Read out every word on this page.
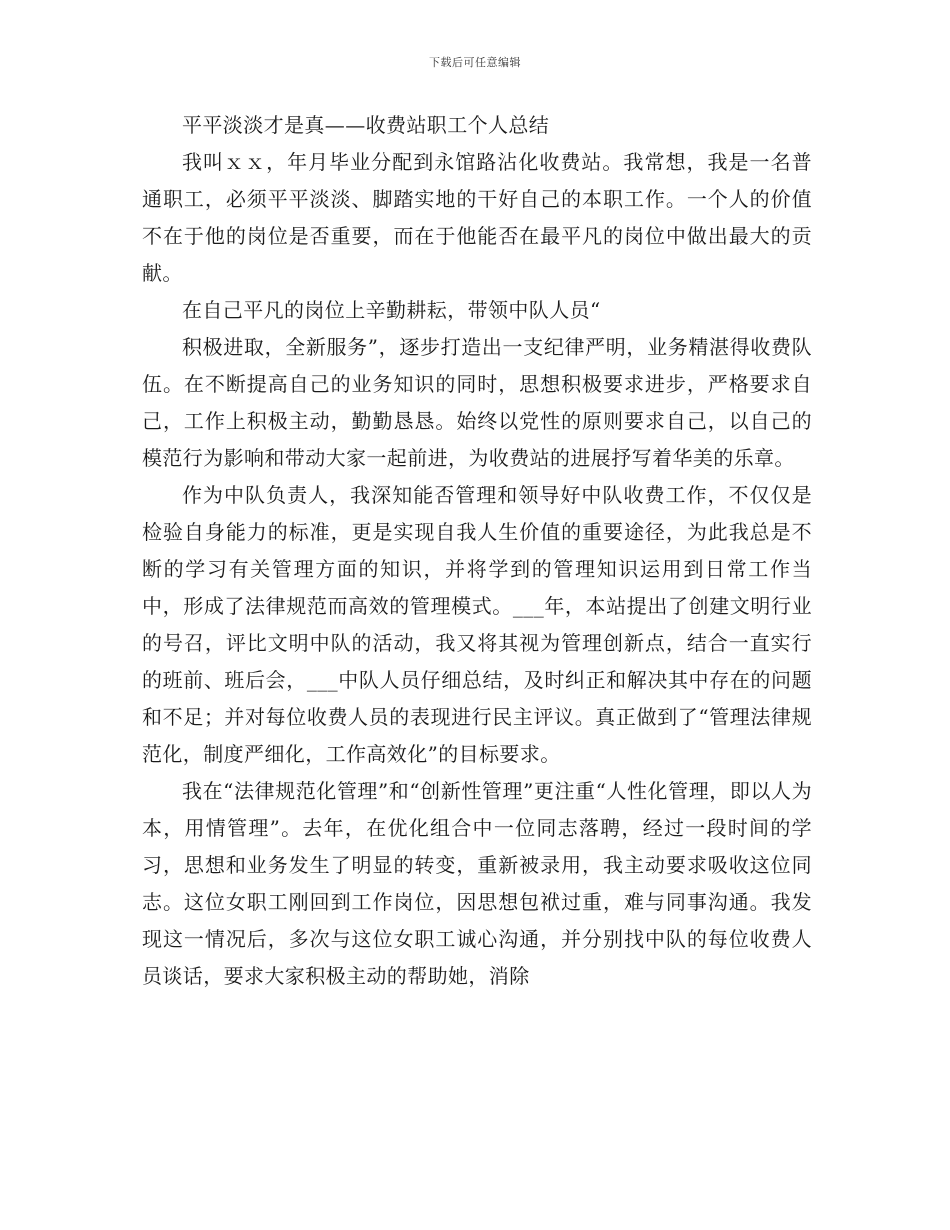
下载后可任意编辑

平平淡淡才是真——收费站职工个人总结

我叫ｘｘ，年月毕业分配到永馆路沾化收费站。我常想，我是一名普通职工，必须平平淡淡、脚踏实地的干好自己的本职工作。一个人的价值不在于他的岗位是否重要，而在于他能否在最平凡的岗位中做出最大的贡献。

在自己平凡的岗位上辛勤耕耘，带领中队人员“

积极进取，全新服务”，逐步打造出一支纪律严明，业务精湛得收费队伍。在不断提高自己的业务知识的同时，思想积极要求进步，严格要求自己，工作上积极主动，勤勤恳恳。始终以党性的原则要求自己，以自己的模范行为影响和带动大家一起前进，为收费站的进展抒写着华美的乐章。

作为中队负责人，我深知能否管理和领导好中队收费工作，不仅仅是检验自身能力的标准，更是实现自我人生价值的重要途径，为此我总是不断的学习有关管理方面的知识，并将学到的管理知识运用到日常工作当中，形成了法律规范而高效的管理模式。___年，本站提出了创建文明行业的号召，评比文明中队的活动，我又将其视为管理创新点，结合一直实行的班前、班后会，___中队人员仔细总结，及时纠正和解决其中存在的问题和不足；并对每位收费人员的表现进行民主评议。真正做到了“管理法律规范化，制度严细化，工作高效化”的目标要求。

我在“法律规范化管理”和“创新性管理”更注重“人性化管理，即以人为本，用情管理”。去年，在优化组合中一位同志落聘，经过一段时间的学习，思想和业务发生了明显的转变，重新被录用，我主动要求吸收这位同志。这位女职工刚回到工作岗位，因思想包袱过重，难与同事沟通。我发现这一情况后，多次与这位女职工诚心沟通，并分别找中队的每位收费人员谈话，要求大家积极主动的帮助她，消除
